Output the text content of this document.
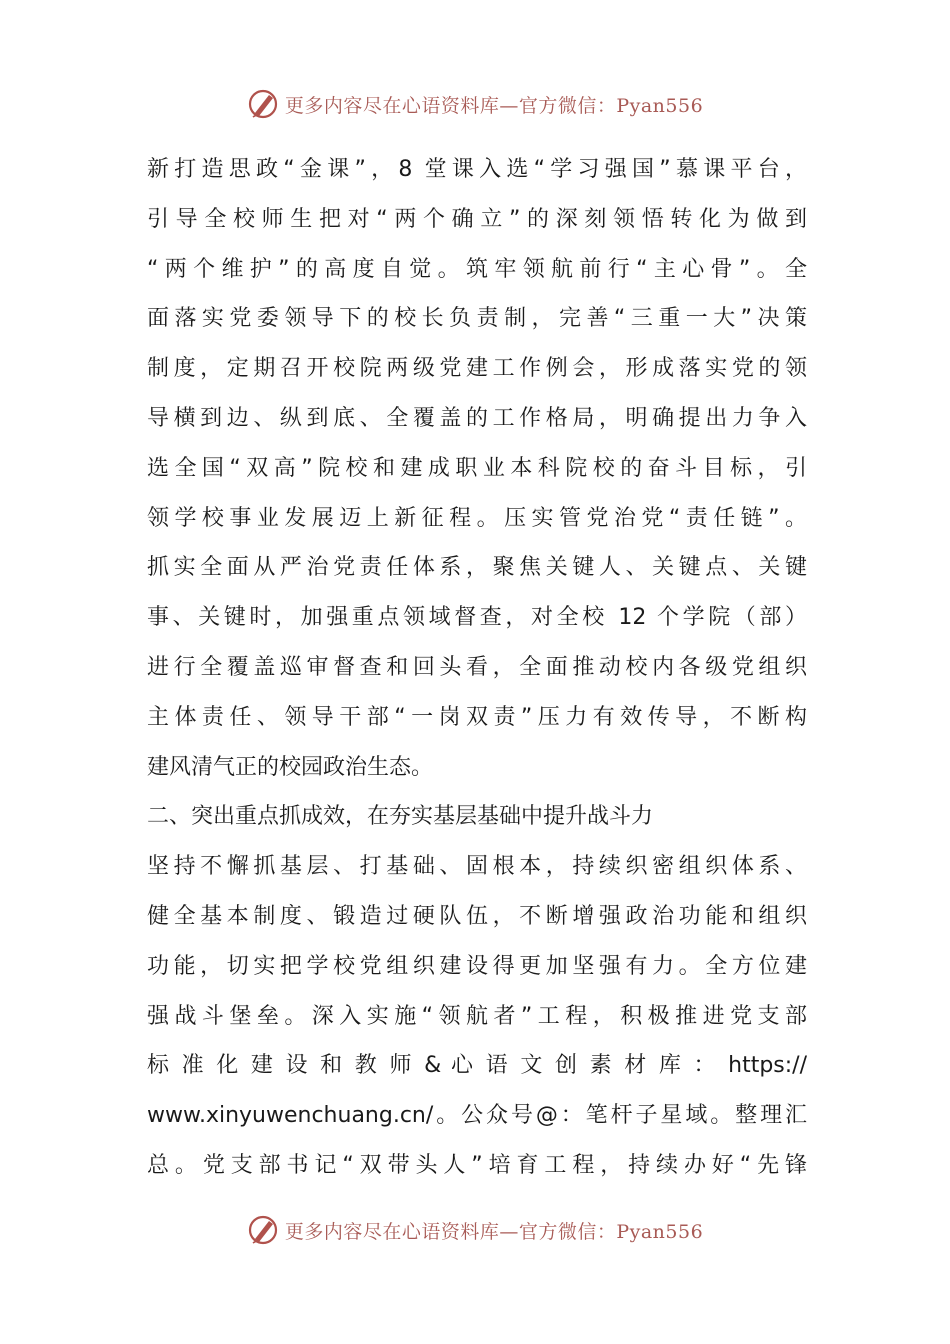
更多内容尽在心语资料库—官方微信：Pyan556
新打造思政“金课”，8 堂课入选“学习强国”慕课平台，
引导全校师生把对“两个确立”的深刻领悟转化为做到
“两个维护”的高度自觉。筑牢领航前行“主心骨”。全
面落实党委领导下的校长负责制，完善“三重一大”决策
制度，定期召开校院两级党建工作例会，形成落实党的领
导横到边、纵到底、全覆盖的工作格局，明确提出力争入
选全国“双高”院校和建成职业本科院校的奋斗目标，引
领学校事业发展迈上新征程。压实管党治党“责任链”。
抓实全面从严治党责任体系，聚焦关键人、关键点、关键
事、关键时，加强重点领域督查，对全校 12 个学院（部）
进行全覆盖巡审督查和回头看，全面推动校内各级党组织
主体责任、领导干部“一岗双责”压力有效传导，不断构
建风清气正的校园政治生态。
二、突出重点抓成效，在夯实基层基础中提升战斗力
坚持不懈抓基层、打基础、固根本，持续织密组织体系、
健全基本制度、锻造过硬队伍，不断增强政治功能和组织
功能，切实把学校党组织建设得更加坚强有力。全方位建
强战斗堡垒。深入实施“领航者”工程，积极推进党支部
标 准 化 建 设 和 教 师 & 心 语 文 创 素 材 库 ： https://
www.xinyuwenchuang.cn/。公众号@：笔杆子星域。整理汇
总。党支部书记“双带头人”培育工程，持续办好“先锋
更多内容尽在心语资料库—官方微信：Pyan556
